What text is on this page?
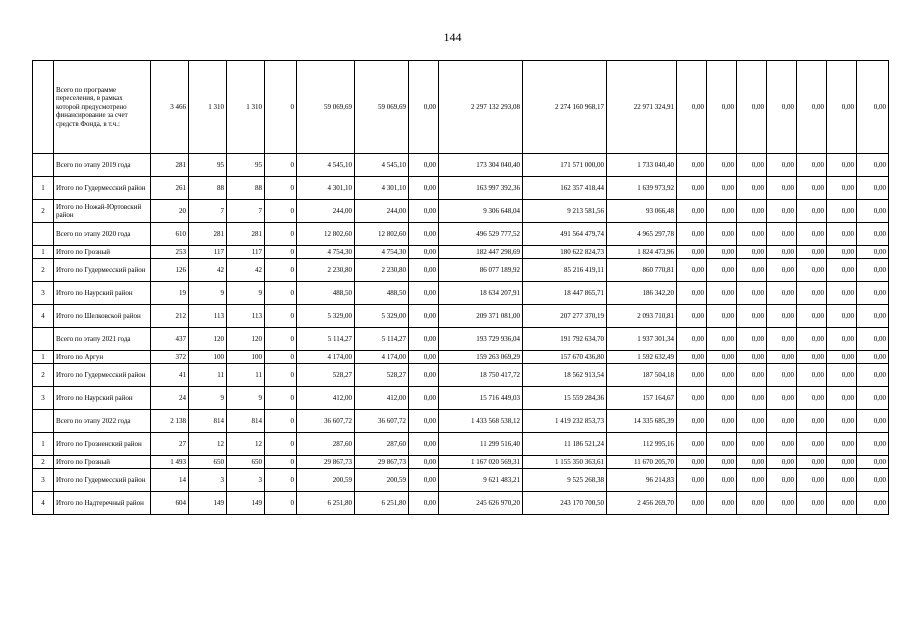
144
	Всего по программе переселения, в рамках которой предусмотрено финансирование за счет средств Фонда, в т.ч.:	3 466	1 310	1 310	0	59 069,69	59 069,69	0,00	2 297 132 293,08	2 274 160 968,17	22 971 324,91	0,00	0,00	0,00	0,00	0,00	0,00	0,00
	Всего по этапу 2019 года	281	95	95	0	4 545,10	4 545,10	0,00	173 304 040,40	171 571 000,00	1 733 040,40	0,00	0,00	0,00	0,00	0,00	0,00	0,00
1	Итого по Гудермесский район	261	88	88	0	4 301,10	4 301,10	0,00	163 997 392,36	162 357 418,44	1 639 973,92	0,00	0,00	0,00	0,00	0,00	0,00	0,00
2	Итого по Ножай-Юртовский район	20	7	7	0	244,00	244,00	0,00	9 306 648,04	9 213 581,56	93 066,48	0,00	0,00	0,00	0,00	0,00	0,00	0,00
	Всего по этапу 2020 года	610	281	281	0	12 802,60	12 802,60	0,00	496 529 777,52	491 564 479,74	4 965 297,78	0,00	0,00	0,00	0,00	0,00	0,00	0,00
1	Итого по Грозный	253	117	117	0	4 754,30	4 754,30	0,00	182 447 298,69	180 622 824,73	1 824 473,96	0,00	0,00	0,00	0,00	0,00	0,00	0,00
2	Итого по Гудермесский район	126	42	42	0	2 230,80	2 230,80	0,00	86 077 189,92	85 216 419,11	860 770,81	0,00	0,00	0,00	0,00	0,00	0,00	0,00
3	Итого по Наурский район	19	9	9	0	488,50	488,50	0,00	18 634 207,91	18 447 865,71	186 342,20	0,00	0,00	0,00	0,00	0,00	0,00	0,00
4	Итого по Шелковской район	212	113	113	0	5 329,00	5 329,00	0,00	209 371 081,00	207 277 370,19	2 093 710,81	0,00	0,00	0,00	0,00	0,00	0,00	0,00
	Всего по этапу 2021 года	437	120	120	0	5 114,27	5 114,27	0,00	193 729 936,04	191 792 634,70	1 937 301,34	0,00	0,00	0,00	0,00	0,00	0,00	0,00
1	Итого по Аргун	372	100	100	0	4 174,00	4 174,00	0,00	159 263 069,29	157 670 436,80	1 592 632,49	0,00	0,00	0,00	0,00	0,00	0,00	0,00
2	Итого по Гудермесский район	41	11	11	0	528,27	528,27	0,00	18 750 417,72	18 562 913,54	187 504,18	0,00	0,00	0,00	0,00	0,00	0,00	0,00
3	Итого по Наурский район	24	9	9	0	412,00	412,00	0,00	15 716 449,03	15 559 284,36	157 164,67	0,00	0,00	0,00	0,00	0,00	0,00	0,00
	Всего по этапу 2022 года	2 138	814	814	0	36 607,72	36 607,72	0,00	1 433 568 538,12	1 419 232 853,73	14 335 685,39	0,00	0,00	0,00	0,00	0,00	0,00	0,00
1	Итого по Грозненский район	27	12	12	0	287,60	287,60	0,00	11 299 516,40	11 186 521,24	112 995,16	0,00	0,00	0,00	0,00	0,00	0,00	0,00
2	Итого по Грозный	1 493	650	650	0	29 867,73	29 867,73	0,00	1 167 020 569,31	1 155 350 363,61	11 670 205,70	0,00	0,00	0,00	0,00	0,00	0,00	0,00
3	Итого по Гудермесский район	14	3	3	0	200,59	200,59	0,00	9 621 483,21	9 525 268,38	96 214,83	0,00	0,00	0,00	0,00	0,00	0,00	0,00
4	Итого по Надтеречный район	604	149	149	0	6 251,80	6 251,80	0,00	245 626 970,20	243 170 700,50	2 456 269,70	0,00	0,00	0,00	0,00	0,00	0,00	0,00
